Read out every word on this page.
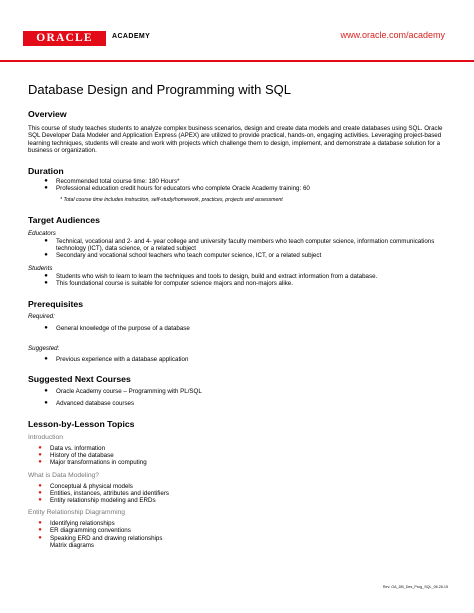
ORACLE	ACADEMY	www.oracle.com/academy
Database Design and Programming with SQL
Overview

This course of study teaches students to analyze complex business scenarios, design and create data models and create databases using SQL. Oracle SQL Developer Data Modeler and Application Express (APEX) are utilized to provide practical, hands-on, engaging activities. Leveraging project-based learning techniques, students will create and work with projects which challenge them to design, implement, and demonstrate a database solution for a business or organization.

Duration
●	Recommended total course time: 180 Hours*
●	Professional education credit hours for educators who complete Oracle Academy training: 60

* Total course time includes instruction, self-study/homework, practices, projects and assessment

Target Audiences

Educators

●	Technical, vocational and 2- and 4- year college and university faculty members who teach computer science, information communications technology (ICT), data science, or a related subject
●	Secondary and vocational school teachers who teach computer science, ICT, or a related subject

Students

●	Students who wish to learn to learn the techniques and tools to design, build and extract information from a database.
●	This foundational course is suitable for computer science majors and non-majors alike.
Prerequisites

Required:

●	General knowledge of the purpose of a database

Suggested:

●	Previous experience with a database application
Suggested Next Courses
●	Oracle Academy course – Programming with PL/SQL
●	Advanced database courses
Lesson-by-Lesson Topics

Introduction

●	Data vs. information
●	History of the database
●	Major transformations in computing

What is Data Modeling?

●	Conceptual & physical models
●	Entities, instances, attributes and identifiers
●	Entity relationship modeling and ERDs

Entity Relationship Diagramming

●	Identifying relationships
●	ER diagramming conventions
●	Speaking ERD and drawing relationships
Matrix diagrams
Rev. OA_DB_Des_Prog_SQL_06.26.15
